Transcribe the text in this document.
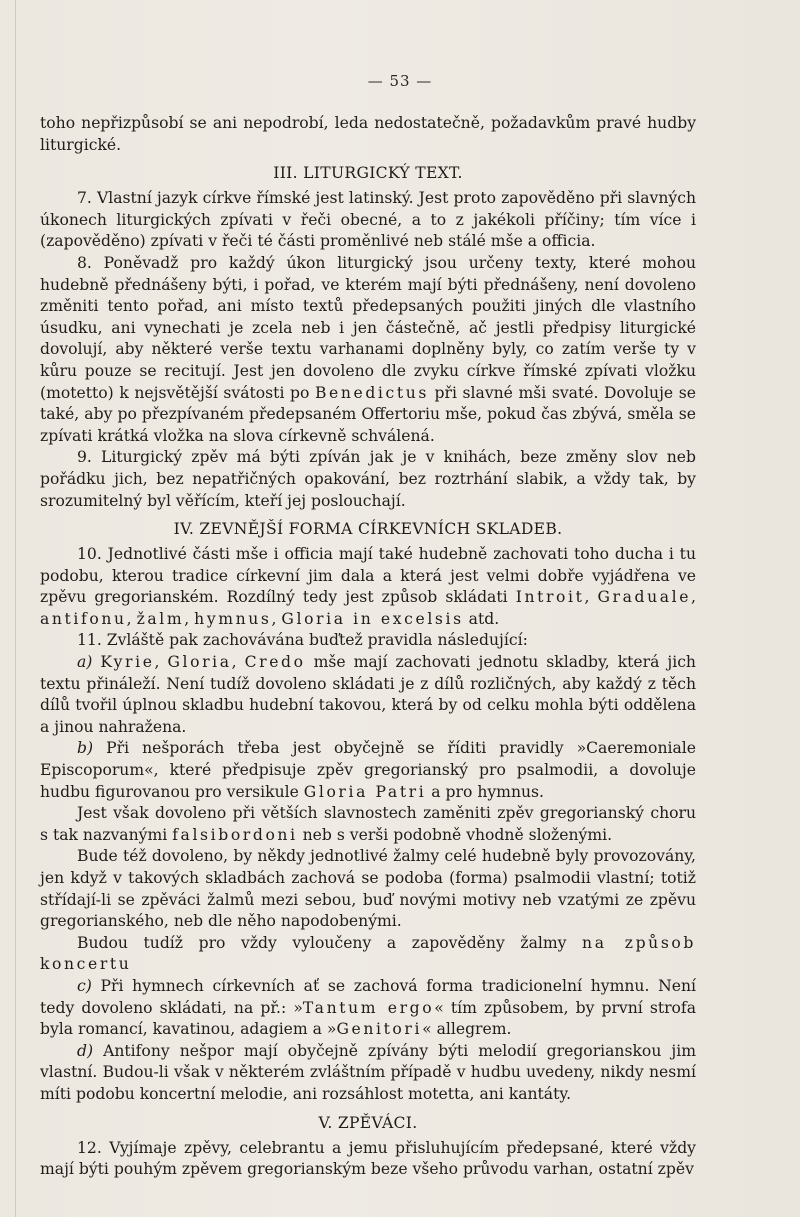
— 53 —

toho nepřizpůsobí se ani nepodrobí, leda nedostatečně, požadavkům pravé hudby liturgické.

III. LITURGICKÝ TEXT.

7. Vlastní jazyk církve římské jest latinský. Jest proto zapověděno při slavných úkonech liturgických zpívati v řeči obecné, a to z jakékoli příčiny; tím více i (zapověděno) zpívati v řeči té části proměnlivé neb stálé mše a officia.

8. Poněvadž pro každý úkon liturgický jsou určeny texty, které mohou hudebně přednášeny býti, i pořad, ve kterém mají býti přednášeny, není dovoleno změniti tento pořad, ani místo textů předepsaných použiti jiných dle vlastního úsudku, ani vynechati je zcela neb i jen částečně, ač jestli předpisy liturgické dovolují, aby některé verše textu varhanami doplněny byly, co zatím verše ty v kůru pouze se recitují. Jest jen dovoleno dle zvyku církve římské zpívati vložku (motetto) k nejsvětější svátosti po Benedictus při slavné mši svaté. Dovoluje se také, aby po přezpívaném předepsaném Offertoriu mše, pokud čas zbývá, směla se zpívati krátká vložka na slova církevně schválená.

9. Liturgický zpěv má býti zpíván jak je v knihách, beze změny slov neb pořádku jich, bez nepatřičných opakování, bez roztrhání slabik, a vždy tak, by srozumitelný byl věřícím, kteří jej poslouchají.

IV. ZEVNĚJŠÍ FORMA CÍRKEVNÍCH SKLADEB.

10. Jednotlivé části mše i officia mají také hudebně zachovati toho ducha i tu podobu, kterou tradice církevní jim dala a která jest velmi dobře vyjádřena ve zpěvu gregorianském. Rozdílný tedy jest způsob skládati Introit, Graduale, antifonu, žalm, hymnus, Gloria in excelsis atd.

11. Zvláště pak zachovávána buďtež pravidla následující:

a) Kyrie, Gloria, Credo mše mají zachovati jednotu skladby, která jich textu přináleží. Není tudíž dovoleno skládati je z dílů rozličných, aby každý z těch dílů tvořil úplnou skladbu hudební takovou, která by od celku mohla býti oddělena a jinou nahražena.

b) Při nešporách třeba jest obyčejně se říditi pravidly »Caeremoniale Episcoporum«, které předpisuje zpěv gregorianský pro psalmodii, a dovoluje hudbu figurovanou pro versikule Gloria Patri a pro hymnus.

Jest však dovoleno při větších slavnostech zaměniti zpěv gregorianský choru s tak nazvanými falsibordoni neb s verši podobně vhodně složenými.

Bude též dovoleno, by někdy jednotlivé žalmy celé hudebně byly provozovány, jen když v takových skladbách zachová se podoba (forma) psalmodii vlastní; totiž střídají-li se zpěváci žalmů mezi sebou, buď novými motivy neb vzatými ze zpěvu gregorianského, neb dle něho napodobenými.

Budou tudíž pro vždy vyloučeny a zapověděny žalmy na způsob koncertu

c) Při hymnech církevních ať se zachová forma tradicionelní hymnu. Není tedy dovoleno skládati, na př.: »Tantum ergo« tím způsobem, by první strofa byla romancí, kavatinou, adagiem a »Genitori« allegrem.

d) Antifony nešpor mají obyčejně zpívány býti melodií gregorianskou jim vlastní. Budou-li však v některém zvláštním případě v hudbu uvedeny, nikdy nesmí míti podobu koncertní melodie, ani rozsáhlost motetta, ani kantáty.

V. ZPĚVÁCI.

12. Vyjímaje zpěvy, celebrantu a jemu přisluhujícím předepsané, které vždy mají býti pouhým zpěvem gregorianským beze všeho průvodu varhan, ostatní zpěv
